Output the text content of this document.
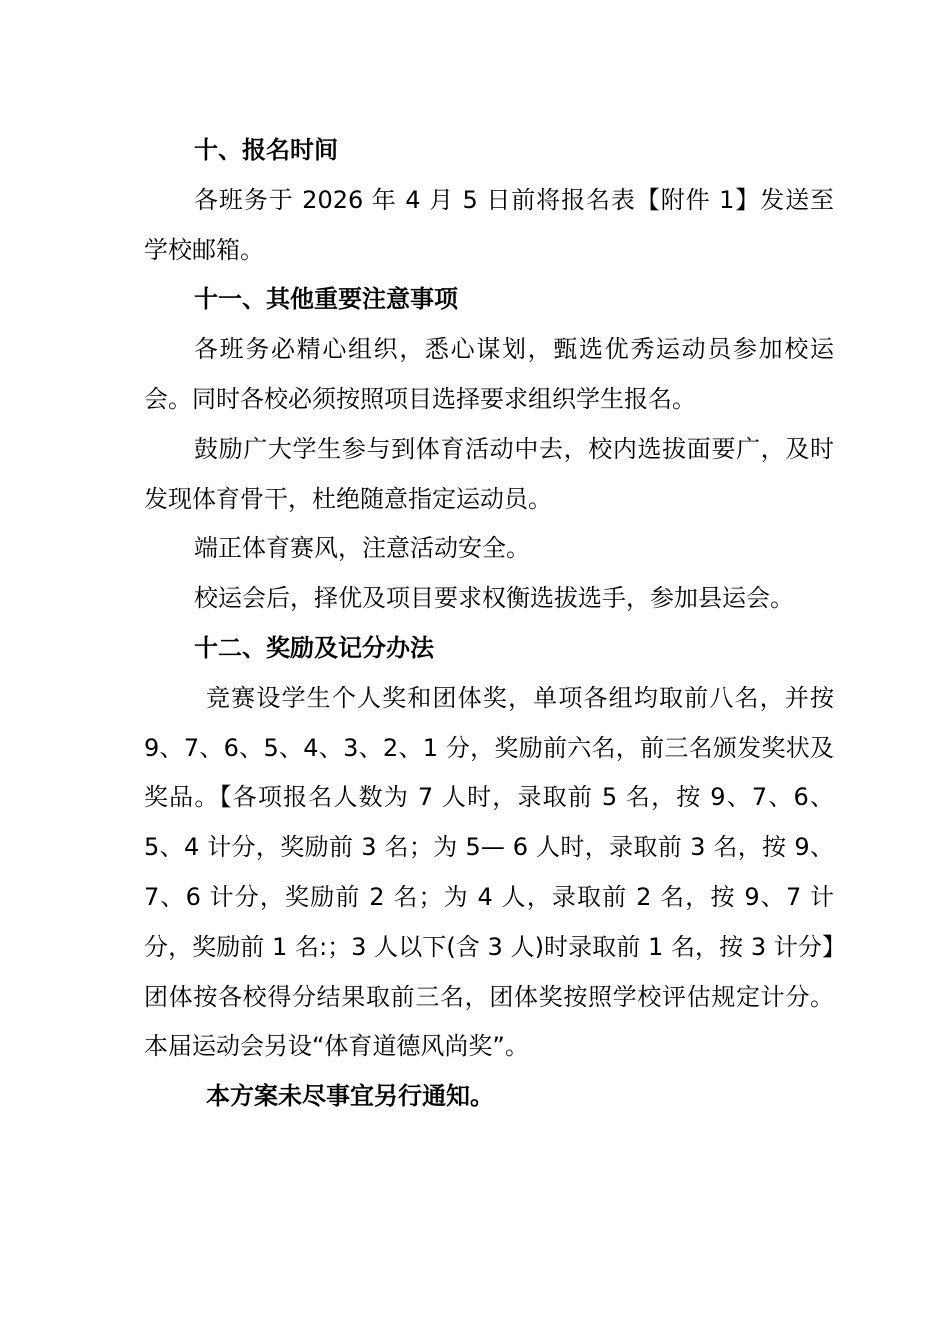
十、报名时间

各班务于 2026 年 4 月 5 日前将报名表【附件 1】发送至学校邮箱。

十一、其他重要注意事项

各班务必精心组织，悉心谋划，甄选优秀运动员参加校运会。同时各校必须按照项目选择要求组织学生报名。

鼓励广大学生参与到体育活动中去，校内选拔面要广，及时发现体育骨干，杜绝随意指定运动员。

端正体育赛风，注意活动安全。

校运会后，择优及项目要求权衡选拔选手，参加县运会。

十二、奖励及记分办法

竞赛设学生个人奖和团体奖，单项各组均取前八名，并按 9、7、6、5、4、3、2、1 分，奖励前六名，前三名颁发奖状及奖品。【各项报名人数为 7 人时，录取前 5 名，按 9、7、6、5、4 计分，奖励前 3 名；为 5— 6 人时，录取前 3 名，按 9、7、6 计分，奖励前 2 名；为 4 人，录取前 2 名，按 9、7 计分，奖励前 1 名:；3 人以下(含 3 人)时录取前 1 名，按 3 计分】团体按各校得分结果取前三名，团体奖按照学校评估规定计分。本届运动会另设“体育道德风尚奖”。

本方案未尽事宜另行通知。
